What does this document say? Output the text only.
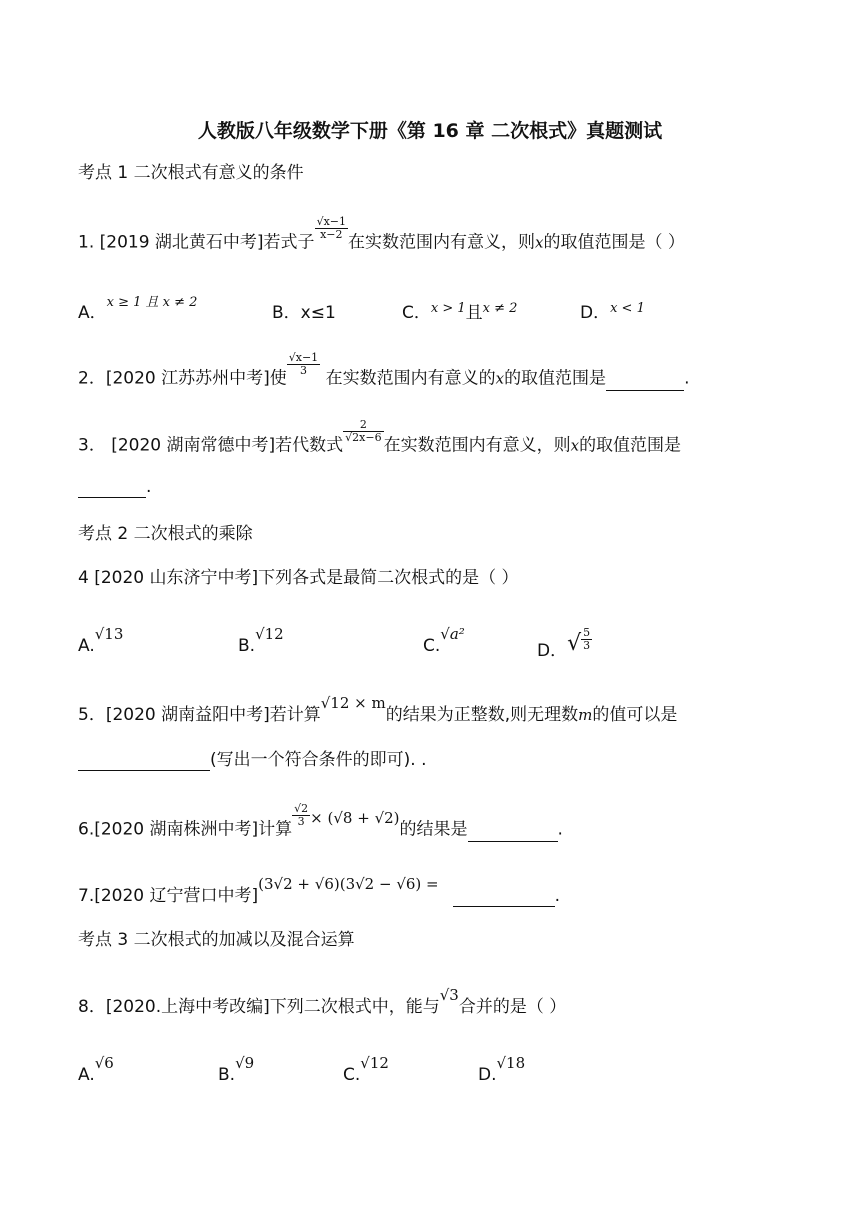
人教版八年级数学下册《第 16 章 二次根式》真题测试
考点 1 二次根式有意义的条件
1. [2019 湖北黄石中考]若式子
$\frac{√x-1}{x-2}$
在实数范围内有意义，则x的取值范围是（ ）
A．$^{x \ge 1 且 x \ne 2}$
B．x≤1	C．$^{x > 1}$且$^{x \ne 2}$	D．$^{x < 1}$
2．[2020 江苏苏州中考]使
$\frac{√x-1}{3}$
在实数范围内有意义的x的取值范围是	.
3． [2020 湖南常德中考]若代数式
$\frac{2}{√2x-6}$
在实数范围内有意义，则x的取值范围是
.
考点 2 二次根式的乘除
4 [2020 山东济宁中考]下列各式是最简二次根式的是（ ）
A.√13
B.√12
C.√a²
D．√ $\frac{5}{3}$
5．[2020 湖南益阳中考]若计算√12 × m的结果为正整数,则无理数m的值可以是
(写出一个符合条件的即可). .
6.[2020 湖南株洲中考]计算
$\frac{√2}{3} \times (√8 + √2)$的结果是	.
7.[2020 辽宁营口中考](3√2 + √6)(3√2 − √6) =.
考点 3 二次根式的加减以及混合运算
8．[2020.上海中考改编]下列二次根式中，能与√3合并的是（ ）
A.√6
B.√9
C.√12
D.√18
